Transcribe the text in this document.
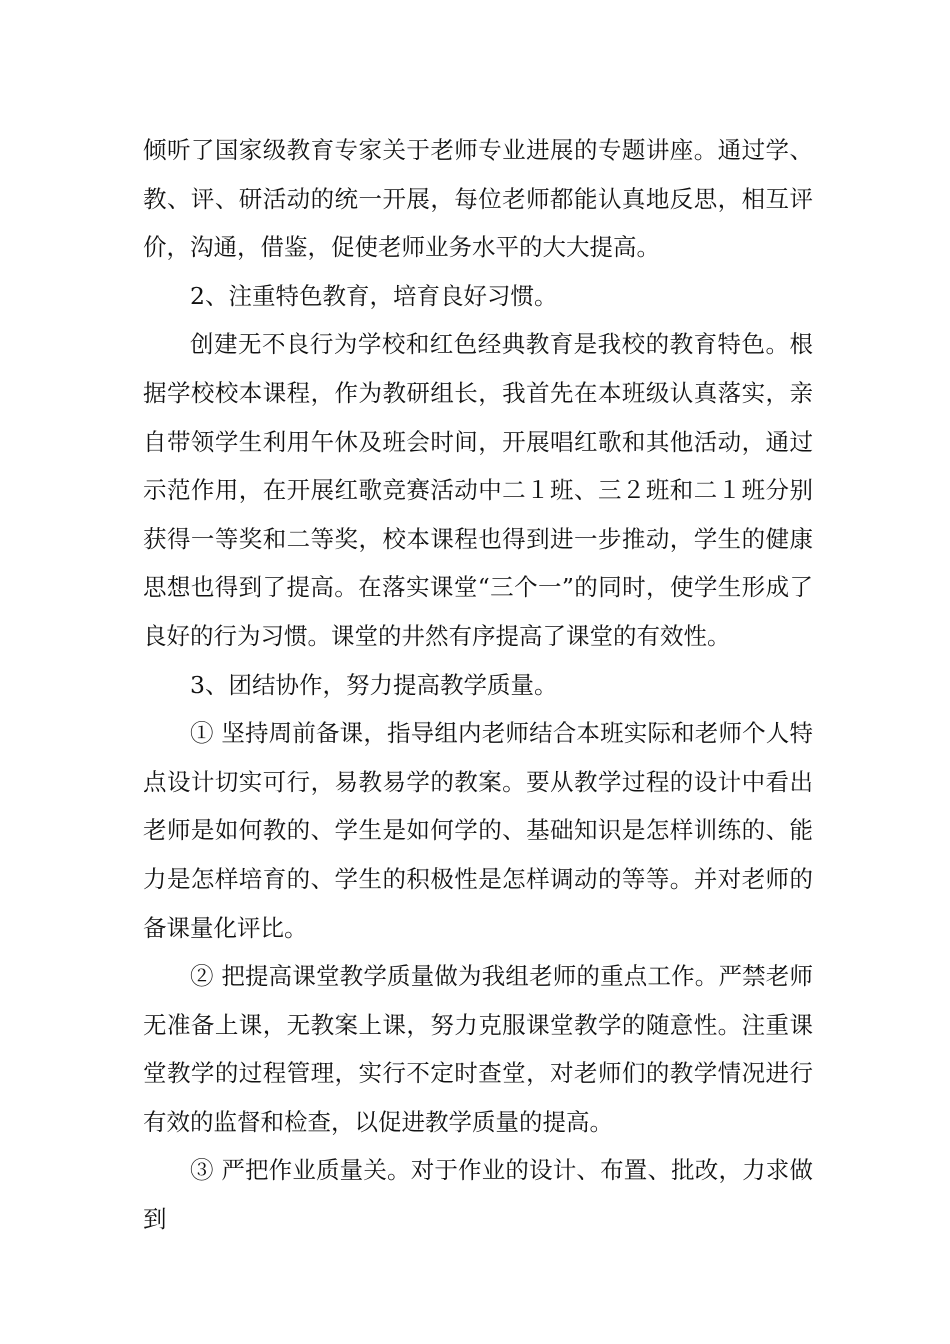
倾听了国家级教育专家关于老师专业进展的专题讲座。通过学、教、评、研活动的统一开展，每位老师都能认真地反思，相互评价，沟通，借鉴，促使老师业务水平的大大提高。

2、注重特色教育，培育良好习惯。

创建无不良行为学校和红色经典教育是我校的教育特色。根据学校校本课程，作为教研组长，我首先在本班级认真落实，亲自带领学生利用午休及班会时间，开展唱红歌和其他活动，通过示范作用，在开展红歌竞赛活动中二１班、三２班和二１班分别获得一等奖和二等奖，校本课程也得到进一步推动，学生的健康思想也得到了提高。在落实课堂“三个一”的同时，使学生形成了良好的行为习惯。课堂的井然有序提高了课堂的有效性。

3、团结协作，努力提高教学质量。

① 坚持周前备课，指导组内老师结合本班实际和老师个人特点设计切实可行，易教易学的教案。要从教学过程的设计中看出老师是如何教的、学生是如何学的、基础知识是怎样训练的、能力是怎样培育的、学生的积极性是怎样调动的等等。并对老师的备课量化评比。

② 把提高课堂教学质量做为我组老师的重点工作。严禁老师无准备上课，无教案上课，努力克服课堂教学的随意性。注重课堂教学的过程管理，实行不定时查堂，对老师们的教学情况进行有效的监督和检查，以促进教学质量的提高。

③ 严把作业质量关。对于作业的设计、布置、批改，力求做到
